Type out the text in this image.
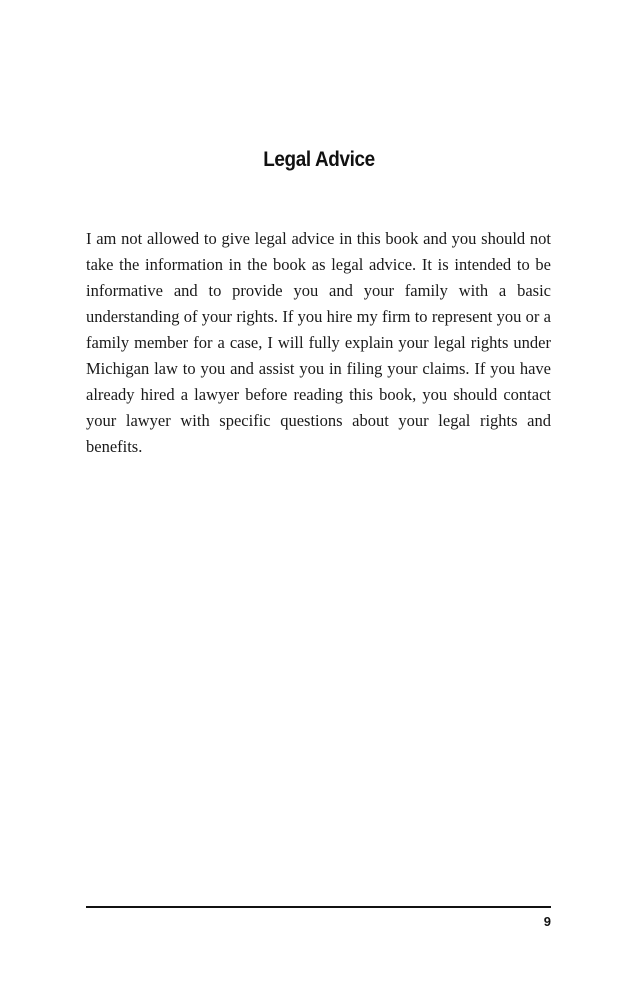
Legal Advice

I am not allowed to give legal advice in this book and you should not take the information in the book as legal advice. It is intended to be informative and to provide you and your family with a basic understanding of your rights. If you hire my firm to represent you or a family member for a case, I will fully explain your legal rights under Michigan law to you and assist you in filing your claims. If you have already hired a lawyer before reading this book, you should contact your lawyer with specific questions about your legal rights and benefits.

9
